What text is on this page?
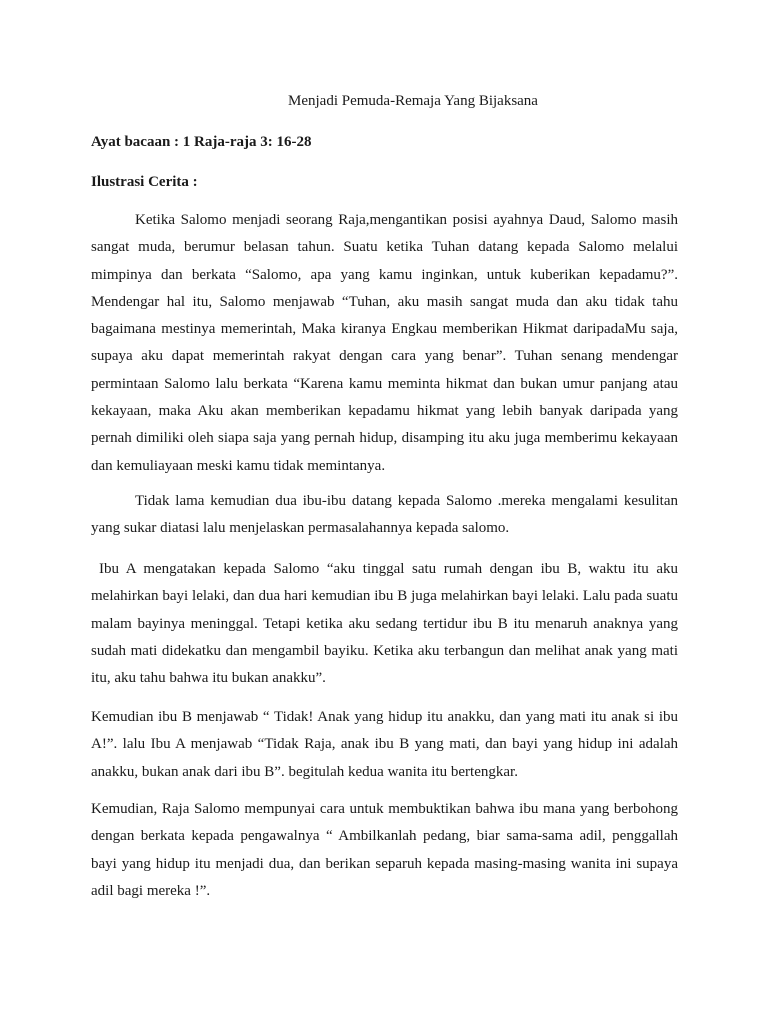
Menjadi Pemuda-Remaja Yang Bijaksana
Ayat bacaan : 1 Raja-raja 3: 16-28
Ilustrasi Cerita :

Ketika Salomo menjadi seorang Raja,mengantikan posisi ayahnya Daud, Salomo masih sangat muda, berumur belasan tahun. Suatu ketika Tuhan datang kepada Salomo melalui mimpinya dan berkata “Salomo, apa yang kamu inginkan, untuk kuberikan kepadamu?”. Mendengar hal itu, Salomo menjawab “Tuhan, aku masih sangat muda dan aku tidak tahu bagaimana mestinya memerintah, Maka kiranya Engkau memberikan Hikmat daripadaMu saja, supaya aku dapat memerintah rakyat dengan cara yang benar”. Tuhan senang mendengar permintaan Salomo lalu berkata “Karena kamu meminta hikmat dan bukan umur panjang atau kekayaan, maka Aku akan memberikan kepadamu hikmat yang lebih banyak daripada yang pernah dimiliki oleh siapa saja yang pernah hidup, disamping itu aku juga memberimu kekayaan dan kemuliayaan meski kamu tidak memintanya.

Tidak lama kemudian dua ibu-ibu datang kepada Salomo .mereka mengalami kesulitan yang sukar diatasi lalu menjelaskan permasalahannya kepada salomo.

Ibu A mengatakan kepada Salomo “aku tinggal satu rumah dengan ibu B, waktu itu aku melahirkan bayi lelaki, dan dua hari kemudian ibu B juga melahirkan bayi lelaki. Lalu pada suatu malam bayinya meninggal. Tetapi ketika aku sedang tertidur ibu B itu menaruh anaknya yang sudah mati didekatku dan mengambil bayiku. Ketika aku terbangun dan melihat anak yang mati itu, aku tahu bahwa itu bukan anakku”.

Kemudian ibu B menjawab “ Tidak! Anak yang hidup itu anakku, dan yang mati itu anak si ibu A!”. lalu Ibu A menjawab “Tidak Raja, anak ibu B yang mati, dan bayi yang hidup ini adalah anakku, bukan anak dari ibu B”. begitulah kedua wanita itu bertengkar.

Kemudian, Raja Salomo mempunyai cara untuk membuktikan bahwa ibu mana yang berbohong dengan berkata kepada pengawalnya “ Ambilkanlah pedang, biar sama-sama adil, penggallah bayi yang hidup itu menjadi dua, dan berikan separuh kepada masing-masing wanita ini supaya adil bagi mereka !”.
